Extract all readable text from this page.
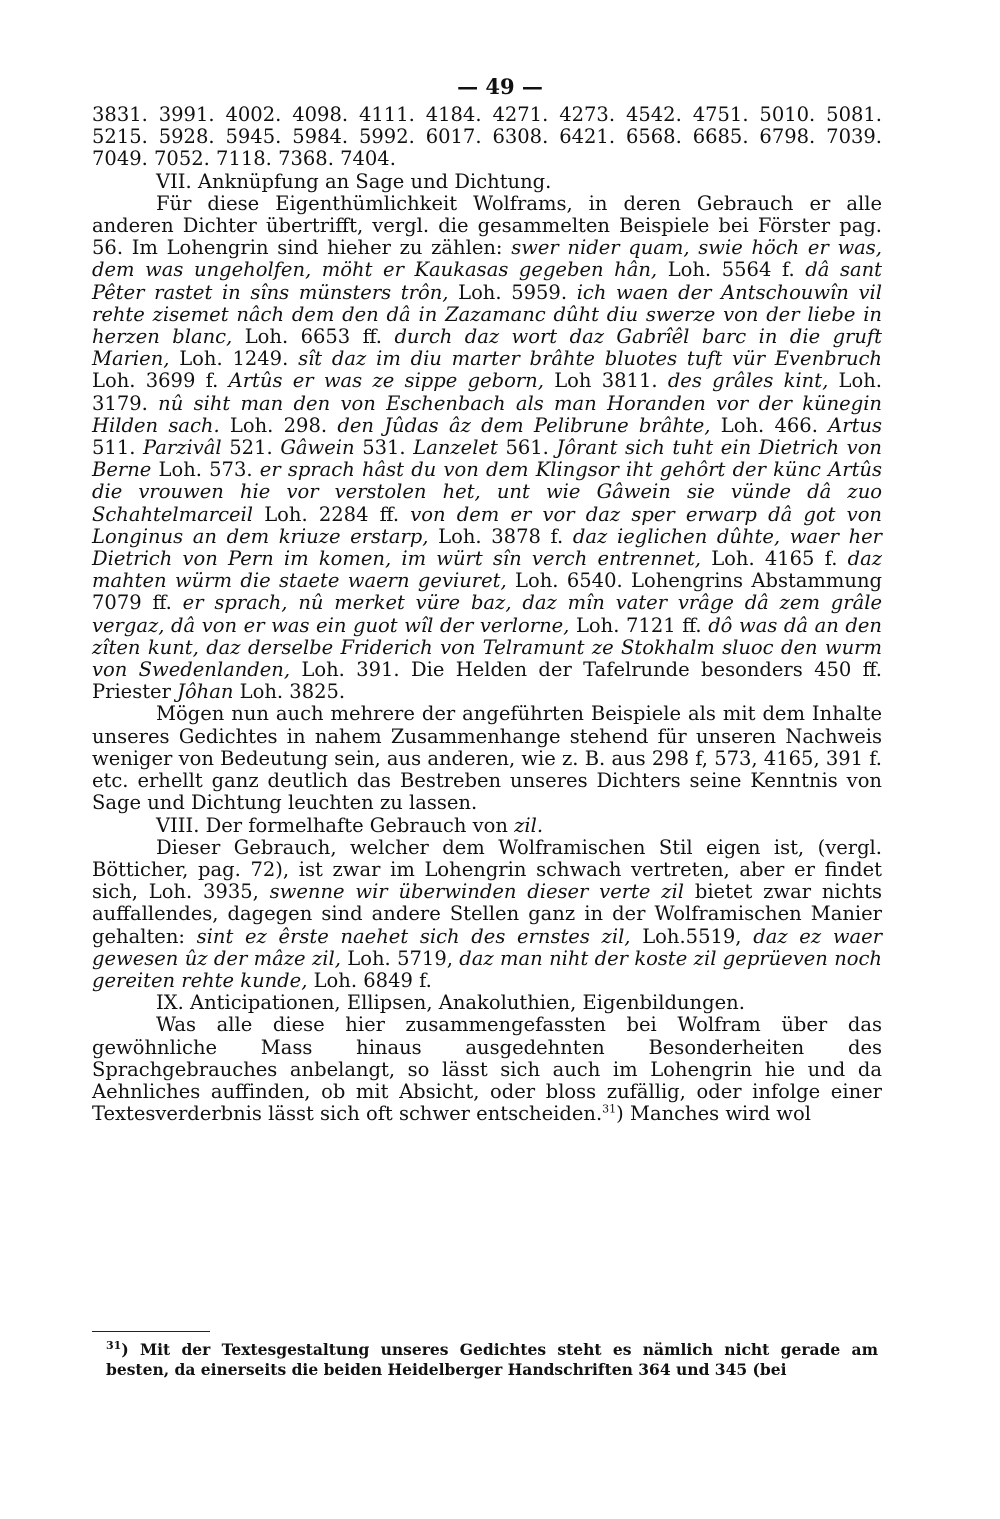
— 49 —

3831. 3991. 4002. 4098. 4111. 4184. 4271. 4273. 4542. 4751. 5010. 5081. 5215. 5928. 5945. 5984. 5992. 6017. 6308. 6421. 6568. 6685. 6798. 7039. 7049. 7052. 7118. 7368. 7404.

VII. Anknüpfung an Sage und Dichtung.

Für diese Eigenthümlichkeit Wolframs, in deren Gebrauch er alle anderen Dichter übertrifft, vergl. die gesammelten Beispiele bei Förster pag. 56. Im Lohengrin sind hieher zu zählen: swer nider quam, swie höch er was, dem was ungeholfen, möht er Kaukasas gegeben hân, Loh. 5564 f. dâ sant Pêter rastet in sîns münsters trôn, Loh. 5959. ich waen der Antschouwîn vil rehte zisemet nâch dem den dâ in Zazamanc dûht diu swerze von der liebe in herzen blanc, Loh. 6653 ff. durch daz wort daz Gabrîêl barc in die gruft Marien, Loh. 1249. sît daz im diu marter brâhte bluotes tuft vür Evenbruch Loh. 3699 f. Artûs er was ze sippe geborn, Loh 3811. des grâles kint, Loh. 3179. nû siht man den von Eschenbach als man Horanden vor der künegin Hilden sach. Loh. 298. den Jûdas âz dem Pelibrune brâhte, Loh. 466. Artus 511. Parzivâl 521. Gâwein 531. Lanzelet 561. Jôrant sich tuht ein Dietrich von Berne Loh. 573. er sprach hâst du von dem Klingsor iht gehôrt der künc Artûs die vrouwen hie vor verstolen het, unt wie Gâwein sie vünde dâ zuo Schahtelmarceil Loh. 2284 ff. von dem er vor daz sper erwarp dâ got von Longinus an dem kriuze erstarp, Loh. 3878 f. daz ieglichen dûhte, waer her Dietrich von Pern im komen, im würt sîn verch entrennet, Loh. 4165 f. daz mahten würm die staete waern geviuret, Loh. 6540. Lohengrins Abstammung 7079 ff. er sprach, nû merket vüre baz, daz mîn vater vrâge dâ zem grâle vergaz, dâ von er was ein guot wîl der verlorne, Loh. 7121 ff. dô was dâ an den zîten kunt, daz derselbe Friderich von Telramunt ze Stokhalm sluoc den wurm von Swedenlanden, Loh. 391. Die Helden der Tafelrunde besonders 450 ff. Priester Jôhan Loh. 3825.

Mögen nun auch mehrere der angeführten Beispiele als mit dem Inhalte unseres Gedichtes in nahem Zusammenhange stehend für unseren Nachweis weniger von Bedeutung sein, aus anderen, wie z. B. aus 298 f, 573, 4165, 391 f. etc. erhellt ganz deutlich das Bestreben unseres Dichters seine Kenntnis von Sage und Dichtung leuchten zu lassen.

VIII. Der formelhafte Gebrauch von zil.

Dieser Gebrauch, welcher dem Wolframischen Stil eigen ist, (vergl. Bötticher, pag. 72), ist zwar im Lohengrin schwach vertreten, aber er findet sich, Loh. 3935, swenne wir überwinden dieser verte zil bietet zwar nichts auffallendes, dagegen sind andere Stellen ganz in der Wolframischen Manier gehalten: sint ez êrste naehet sich des ernstes zil, Loh.5519, daz ez waer gewesen ûz der mâze zil, Loh. 5719, daz man niht der koste zil geprüeven noch gereiten rehte kunde, Loh. 6849 f.

IX. Anticipationen, Ellipsen, Anakoluthien, Eigenbildungen.

Was alle diese hier zusammengefassten bei Wolfram über das gewöhnliche Mass hinaus ausgedehnten Besonderheiten des Sprachgebrauches anbelangt, so lässt sich auch im Lohengrin hie und da Aehnliches auffinden, ob mit Absicht, oder bloss zufällig, oder infolge einer Textesverderbnis lässt sich oft schwer entscheiden.$^{31}$) Manches wird wol

$^{31}$) Mit der Textesgestaltung unseres Gedichtes steht es nämlich nicht gerade am besten, da einerseits die beiden Heidelberger Handschriften 364 und 345 (bei
